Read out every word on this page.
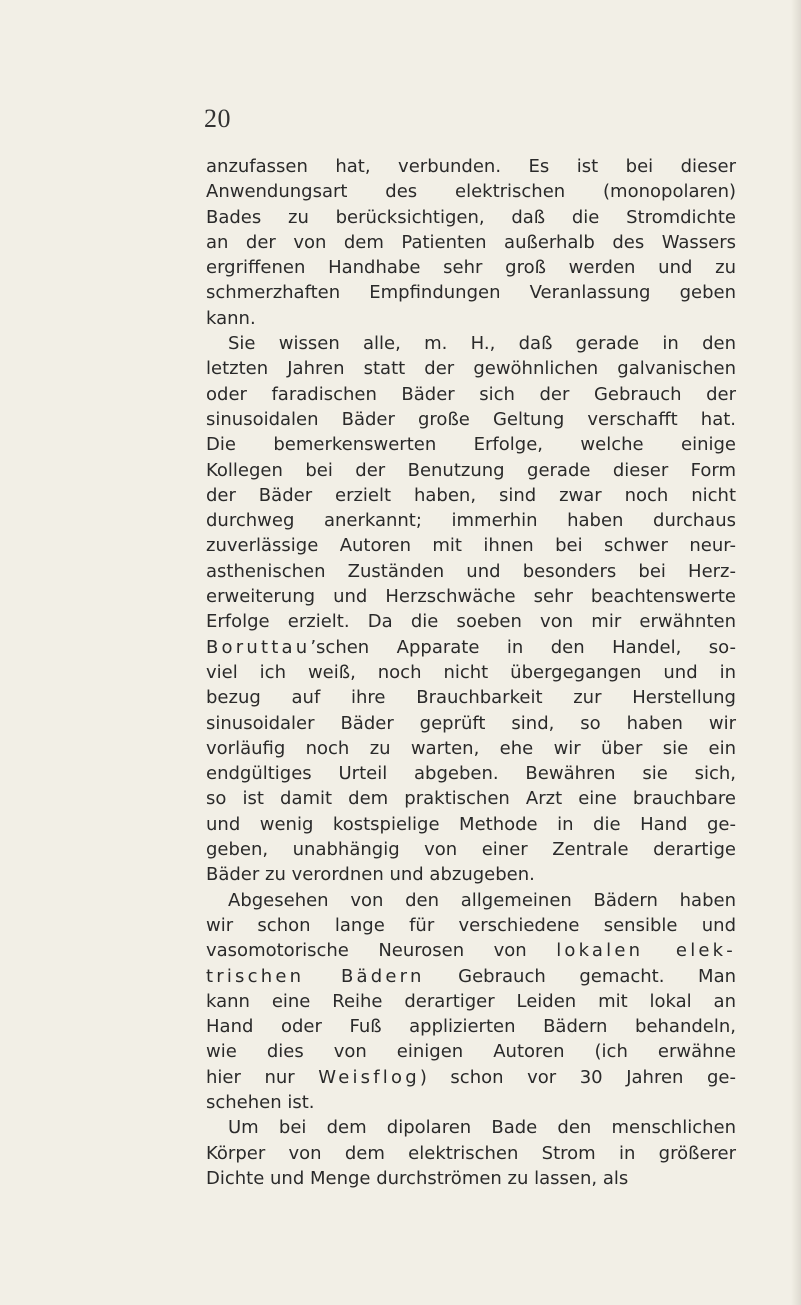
20
anzufassen hat, verbunden. Es ist bei dieser
Anwendungsart des elektrischen (monopolaren)
Bades zu berücksichtigen, daß die Stromdichte
an der von dem Patienten außerhalb des Wassers
ergriffenen Handhabe sehr groß werden und zu
schmerzhaften Empfindungen Veranlassung geben
kann.
Sie wissen alle, m. H., daß gerade in den
letzten Jahren statt der gewöhnlichen galvanischen
oder faradischen Bäder sich der Gebrauch der
sinusoidalen Bäder große Geltung verschafft hat.
Die bemerkenswerten Erfolge, welche einige
Kollegen bei der Benutzung gerade dieser Form
der Bäder erzielt haben, sind zwar noch nicht
durchweg anerkannt; immerhin haben durchaus
zuverlässige Autoren mit ihnen bei schwer neur-
asthenischen Zuständen und besonders bei Herz-
erweiterung und Herzschwäche sehr beachtenswerte
Erfolge erzielt. Da die soeben von mir erwähnten
Boruttau’schen Apparate in den Handel, so-
viel ich weiß, noch nicht übergegangen und in
bezug auf ihre Brauchbarkeit zur Herstellung
sinusoidaler Bäder geprüft sind, so haben wir
vorläufig noch zu warten, ehe wir über sie ein
endgültiges Urteil abgeben. Bewähren sie sich,
so ist damit dem praktischen Arzt eine brauchbare
und wenig kostspielige Methode in die Hand ge-
geben, unabhängig von einer Zentrale derartige
Bäder zu verordnen und abzugeben.
Abgesehen von den allgemeinen Bädern haben
wir schon lange für verschiedene sensible und
vasomotorische Neurosen von lokalen elek-
trischen Bädern Gebrauch gemacht. Man
kann eine Reihe derartiger Leiden mit lokal an
Hand oder Fuß applizierten Bädern behandeln,
wie dies von einigen Autoren (ich erwähne
hier nur Weisflog) schon vor 30 Jahren ge-
schehen ist.
Um bei dem dipolaren Bade den menschlichen
Körper von dem elektrischen Strom in größerer
Dichte und Menge durchströmen zu lassen, als
